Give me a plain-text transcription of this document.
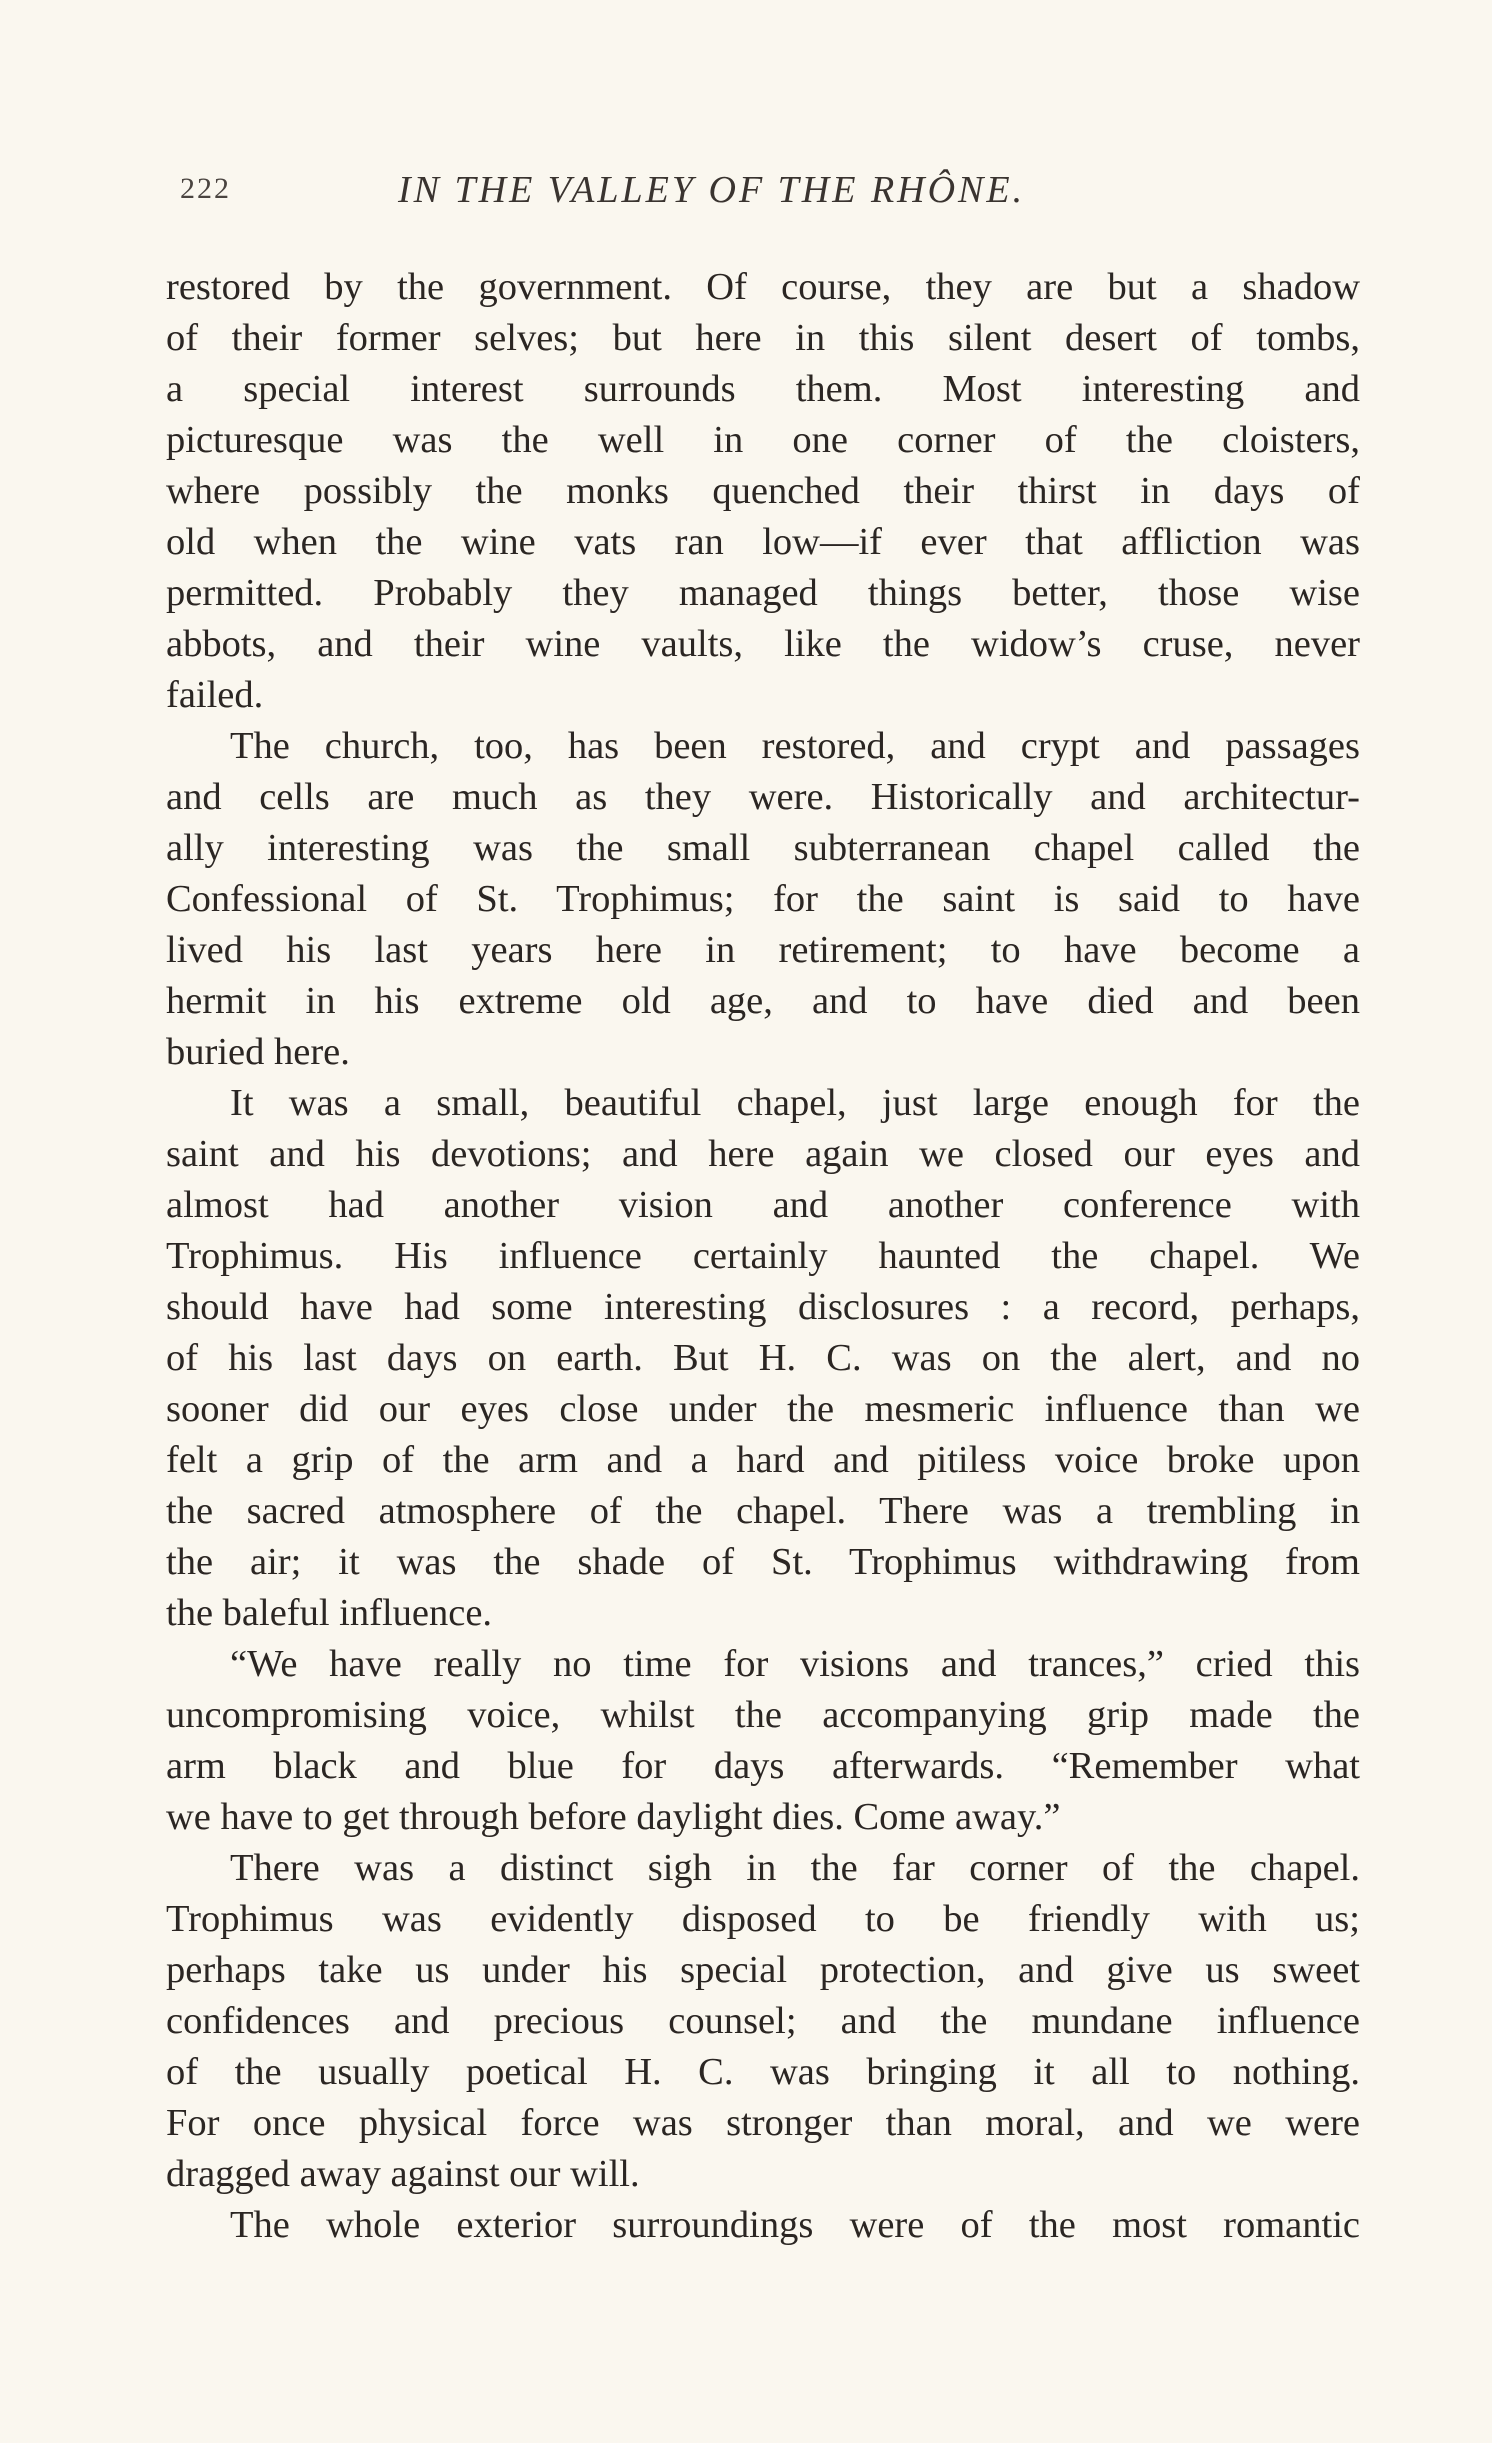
222	IN THE VALLEY OF THE RHÔNE.
restored by the government. Of course, they are but a shadow
of their former selves; but here in this silent desert of tombs,
a special interest surrounds them. Most interesting and
picturesque was the well in one corner of the cloisters,
where possibly the monks quenched their thirst in days of
old when the wine vats ran low—if ever that affliction was
permitted. Probably they managed things better, those wise
abbots, and their wine vaults, like the widow’s cruse, never
failed.
The church, too, has been restored, and crypt and passages
and cells are much as they were. Historically and architectur-
ally interesting was the small subterranean chapel called the
Confessional of St. Trophimus; for the saint is said to have
lived his last years here in retirement; to have become a
hermit in his extreme old age, and to have died and been
buried here.
It was a small, beautiful chapel, just large enough for the
saint and his devotions; and here again we closed our eyes and
almost had another vision and another conference with
Trophimus. His influence certainly haunted the chapel. We
should have had some interesting disclosures : a record, perhaps,
of his last days on earth. But H. C. was on the alert, and no
sooner did our eyes close under the mesmeric influence than we
felt a grip of the arm and a hard and pitiless voice broke upon
the sacred atmosphere of the chapel. There was a trembling in
the air; it was the shade of St. Trophimus withdrawing from
the baleful influence.
“We have really no time for visions and trances,” cried this
uncompromising voice, whilst the accompanying grip made the
arm black and blue for days afterwards. “Remember what
we have to get through before daylight dies. Come away.”
There was a distinct sigh in the far corner of the chapel.
Trophimus was evidently disposed to be friendly with us;
perhaps take us under his special protection, and give us sweet
confidences and precious counsel; and the mundane influence
of the usually poetical H. C. was bringing it all to nothing.
For once physical force was stronger than moral, and we were
dragged away against our will.
The whole exterior surroundings were of the most romantic
